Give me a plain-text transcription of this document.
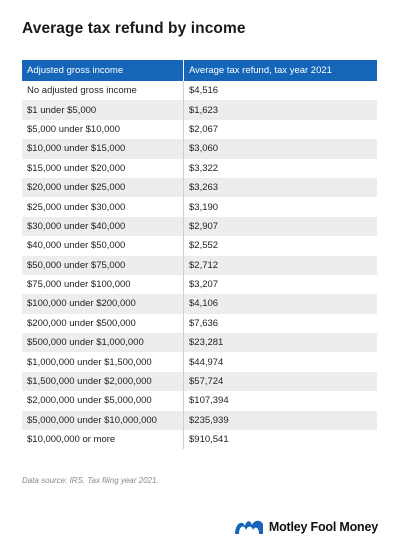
Average tax refund by income
Adjusted gross income	Average tax refund, tax year 2021
No adjusted gross income	$4,516
$1 under $5,000	$1,623
$5,000 under $10,000	$2,067
$10,000 under $15,000	$3,060
$15,000 under $20,000	$3,322
$20,000 under $25,000	$3,263
$25,000 under $30,000	$3,190
$30,000 under $40,000	$2,907
$40,000 under $50,000	$2,552
$50,000 under $75,000	$2,712
$75,000 under $100,000	$3,207
$100,000 under $200,000	$4,106
$200,000 under $500,000	$7,636
$500,000 under $1,000,000	$23,281
$1,000,000 under $1,500,000	$44,974
$1,500,000 under $2,000,000	$57,724
$2,000,000 under $5,000,000	$107,394
$5,000,000 under $10,000,000	$235,939
$10,000,000 or more	$910,541
Data source: IRS. Tax filing year 2021.
Motley Fool Money
